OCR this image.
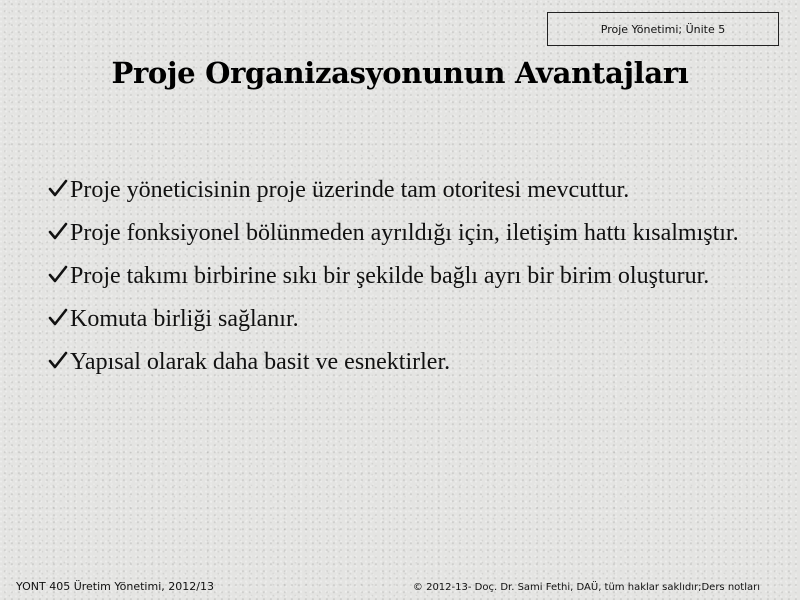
Proje Yönetimi; Ünite 5
Proje Organizasyonunun Avantajları
Proje yöneticisinin proje üzerinde tam otoritesi mevcuttur.
Proje fonksiyonel bölünmeden ayrıldığı için, iletişim hattı kısalmıştır.
Proje takımı birbirine sıkı bir şekilde bağlı ayrı bir birim oluşturur.
Komuta birliği sağlanır.
Yapısal olarak daha basit ve esnektirler.
YONT 405 Üretim Yönetimi, 2012/13	© 2012-13- Doç. Dr. Sami Fethi, DAÜ, tüm haklar saklıdır;Ders notları
